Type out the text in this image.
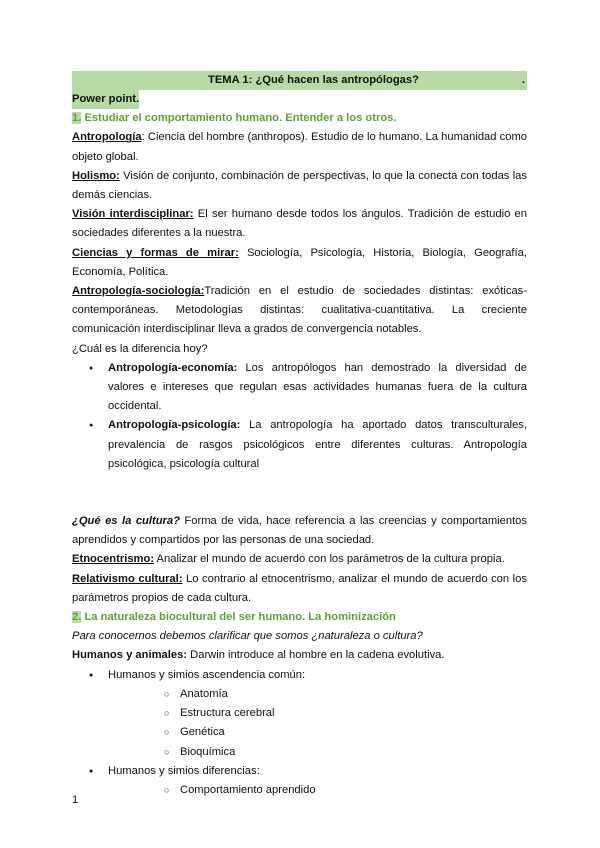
TEMA 1: ¿Qué hacen las antropólogas?	.
Power point.
1. Estudiar el comportamiento humano. Entender a los otros.

Antropología: Ciencia del hombre (anthropos). Estudio de lo humano. La humanidad como objeto global.

Holismo: Visión de conjunto, combinación de perspectivas, lo que la conecta con todas las demás ciencias.

Visión interdisciplinar: El ser humano desde todos los ángulos. Tradición de estudio en sociedades diferentes a la nuestra.

Ciencias y formas de mirar: Sociología, Psicología, Historia, Biología, Geografía, Economía, Política.

Antropología-sociología:Tradición en el estudio de sociedades distintas: exóticas-contemporáneas. Metodologías distintas: cualitativa-cuantitativa. La creciente comunicación interdisciplinar lleva a grados de convergencia notables.

¿Cuál es la diferencia hoy?
● Antropología-economía: Los antropólogos han demostrado la diversidad de valores e intereses que regulan esas actividades humanas fuera de la cultura occidental.
● Antropología-psicología: La antropología ha aportado datos transculturales, prevalencia de rasgos psicológicos entre diferentes culturas. Antropología psicológica, psicología cultural

¿Qué es la cultura? Forma de vida, hace referencia a las creencias y comportamientos aprendidos y compartidos por las personas de una sociedad.

Etnocentrismo: Analizar el mundo de acuerdo con los parámetros de la cultura propia.

Relativismo cultural: Lo contrario al etnocentrismo, analizar el mundo de acuerdo con los parámetros propios de cada cultura.

2. La naturaleza biocultural del ser humano. La hominización
Para conocernos debemos clarificar que somos ¿naturaleza o cultura?
Humanos y animales: Darwin introduce al hombre en la cadena evolutiva.
● Humanos y simios ascendencia común:
○ Anatomía
○ Estructura cerebral
○ Genética
○ Bioquímica
● Humanos y simios diferencias:
○ Comportamiento aprendido
1
